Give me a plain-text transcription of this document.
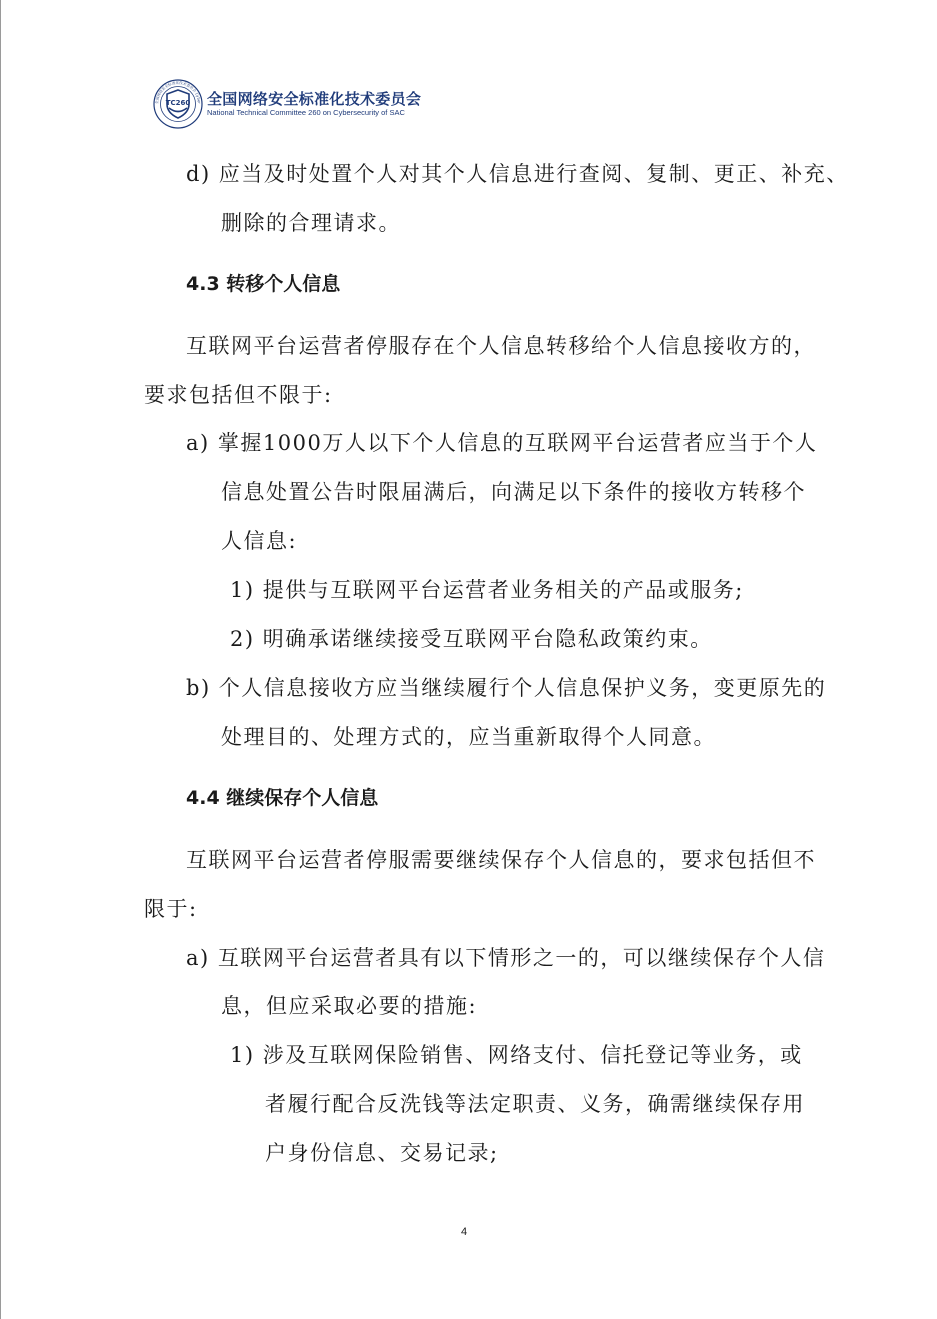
TC260
全国网络安全标准化技术委员会 Cyber 全国网络安全标准化技术委员会
National Technical Committee 260 on Cybersecurity of SAC
d) 应当及时处置个人对其个人信息进行查阅、复制、更正、补充、
删除的合理请求。
4.3 转移个人信息
互联网平台运营者停服存在个人信息转移给个人信息接收方的，
要求包括但不限于:
a) 掌握1000万人以下个人信息的互联网平台运营者应当于个人
信息处置公告时限届满后，向满足以下条件的接收方转移个
人信息:
1) 提供与互联网平台运营者业务相关的产品或服务;
2) 明确承诺继续接受互联网平台隐私政策约束。
b) 个人信息接收方应当继续履行个人信息保护义务，变更原先的
处理目的、处理方式的，应当重新取得个人同意。
4.4 继续保存个人信息
互联网平台运营者停服需要继续保存个人信息的，要求包括但不
限于:
a) 互联网平台运营者具有以下情形之一的，可以继续保存个人信
息，但应采取必要的措施:
1) 涉及互联网保险销售、网络支付、信托登记等业务，或
者履行配合反洗钱等法定职责、义务，确需继续保存用
户身份信息、交易记录;
4
